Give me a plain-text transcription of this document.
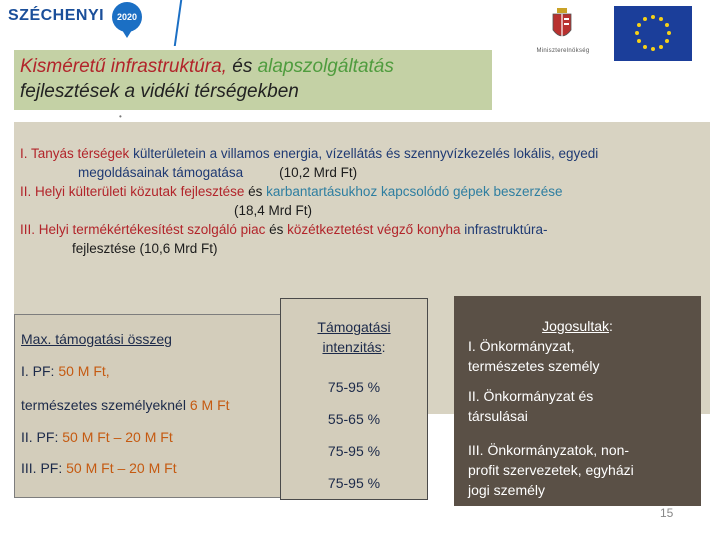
SZÉCHENYI	2020
Miniszterelnökség
Kisméretű infrastruktúra, és alapszolgáltatás
fejlesztések a vidéki térségekben
•
I. Tanyás térségek külterületein a villamos energia, vízellátás és szennyvízkezelés lokális, egyedi
megoldásainak támogatása	(10,2 Mrd Ft)
II. Helyi külterületi közutak fejlesztése és karbantartásukhoz kapcsolódó gépek beszerzése
(18,4 Mrd Ft)
III. Helyi termékértékesítést szolgáló piac és közétkeztetést végző konyha infrastruktúra-
fejlesztése (10,6 Mrd Ft)
Max. támogatási összeg
I. PF: 50 M Ft,
természetes személyeknél 6 M Ft
II. PF: 50 M Ft – 20 M Ft
III. PF: 50 M Ft – 20 M Ft
Támogatási
intenzitás:
75-95 %
55-65 %
75-95 %
75-95 %
Jogosultak:
I. Önkormányzat,
természetes személy
II. Önkormányzat és
társulásai
III. Önkormányzatok, non-
profit szervezetek, egyházi
jogi személy
15
